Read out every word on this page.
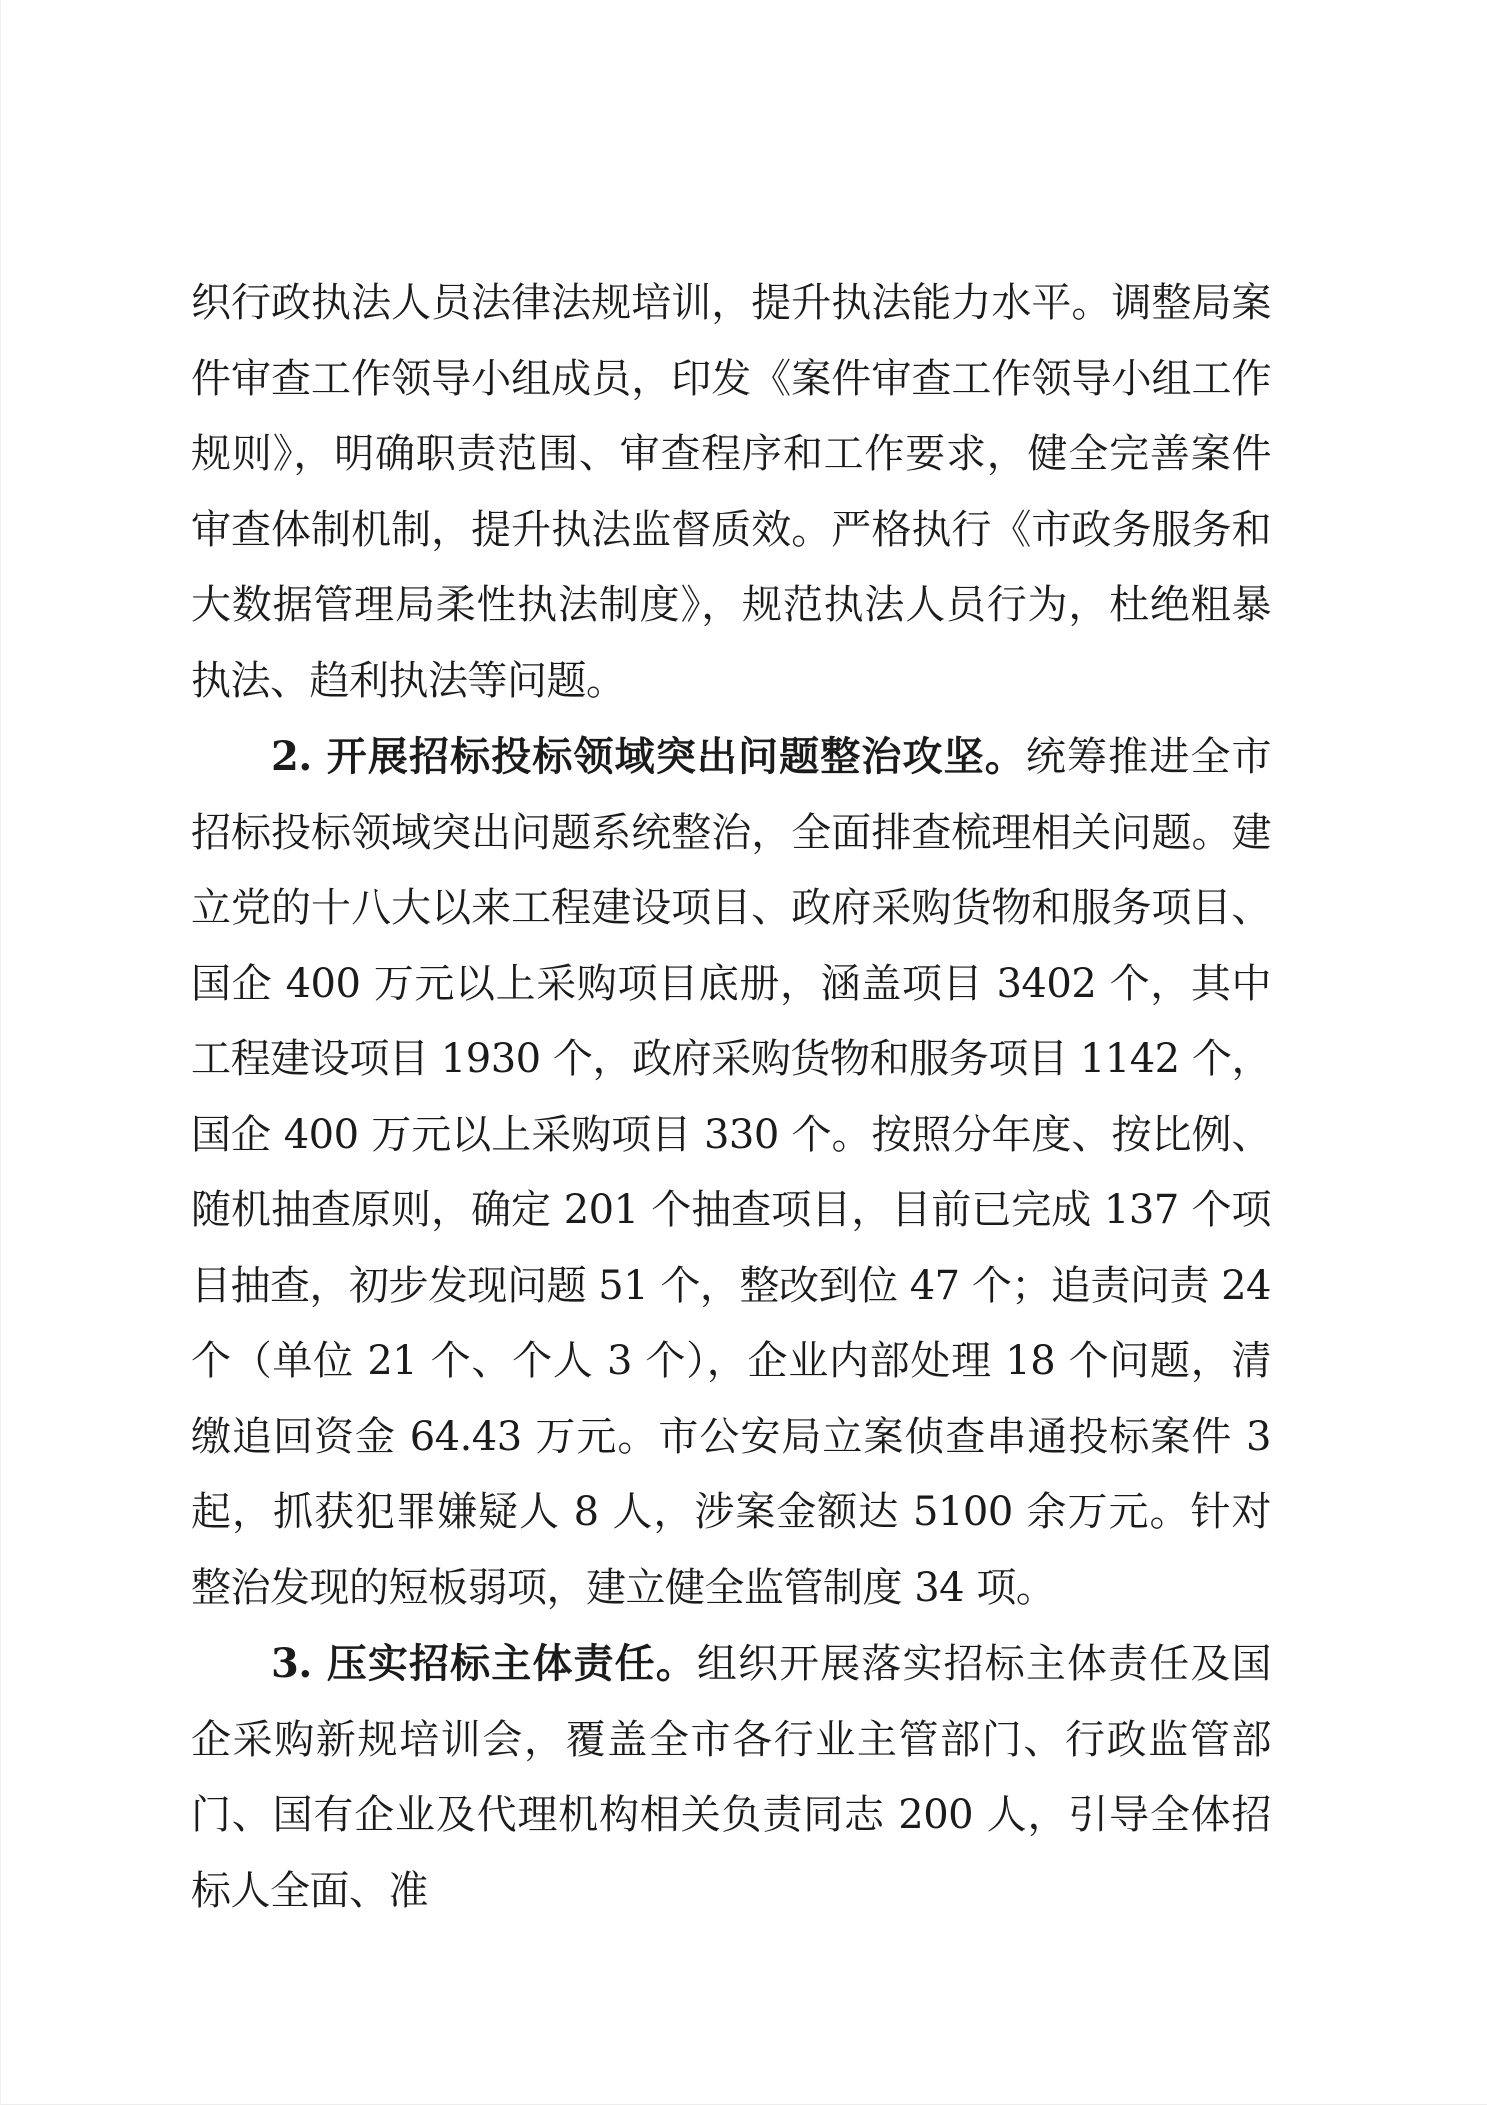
织行政执法人员法律法规培训，提升执法能力水平。调整局案件审查工作领导小组成员，印发《案件审查工作领导小组工作规则》，明确职责范围、审查程序和工作要求，健全完善案件审查体制机制，提升执法监督质效。严格执行《市政务服务和大数据管理局柔性执法制度》，规范执法人员行为，杜绝粗暴执法、趋利执法等问题。

2. 开展招标投标领域突出问题整治攻坚。统筹推进全市招标投标领域突出问题系统整治，全面排查梳理相关问题。建立党的十八大以来工程建设项目、政府采购货物和服务项目、国企 400 万元以上采购项目底册，涵盖项目 3402 个，其中工程建设项目 1930 个，政府采购货物和服务项目 1142 个，国企 400 万元以上采购项目 330 个。按照分年度、按比例、随机抽查原则，确定 201 个抽查项目，目前已完成 137 个项目抽查，初步发现问题 51 个，整改到位 47 个；追责问责 24 个（单位 21 个、个人 3 个），企业内部处理 18 个问题，清缴追回资金 64.43 万元。市公安局立案侦查串通投标案件 3 起，抓获犯罪嫌疑人 8 人，涉案金额达 5100 余万元。针对整治发现的短板弱项，建立健全监管制度 34 项。

3. 压实招标主体责任。组织开展落实招标主体责任及国企采购新规培训会，覆盖全市各行业主管部门、行政监管部门、国有企业及代理机构相关负责同志 200 人，引导全体招标人全面、准
